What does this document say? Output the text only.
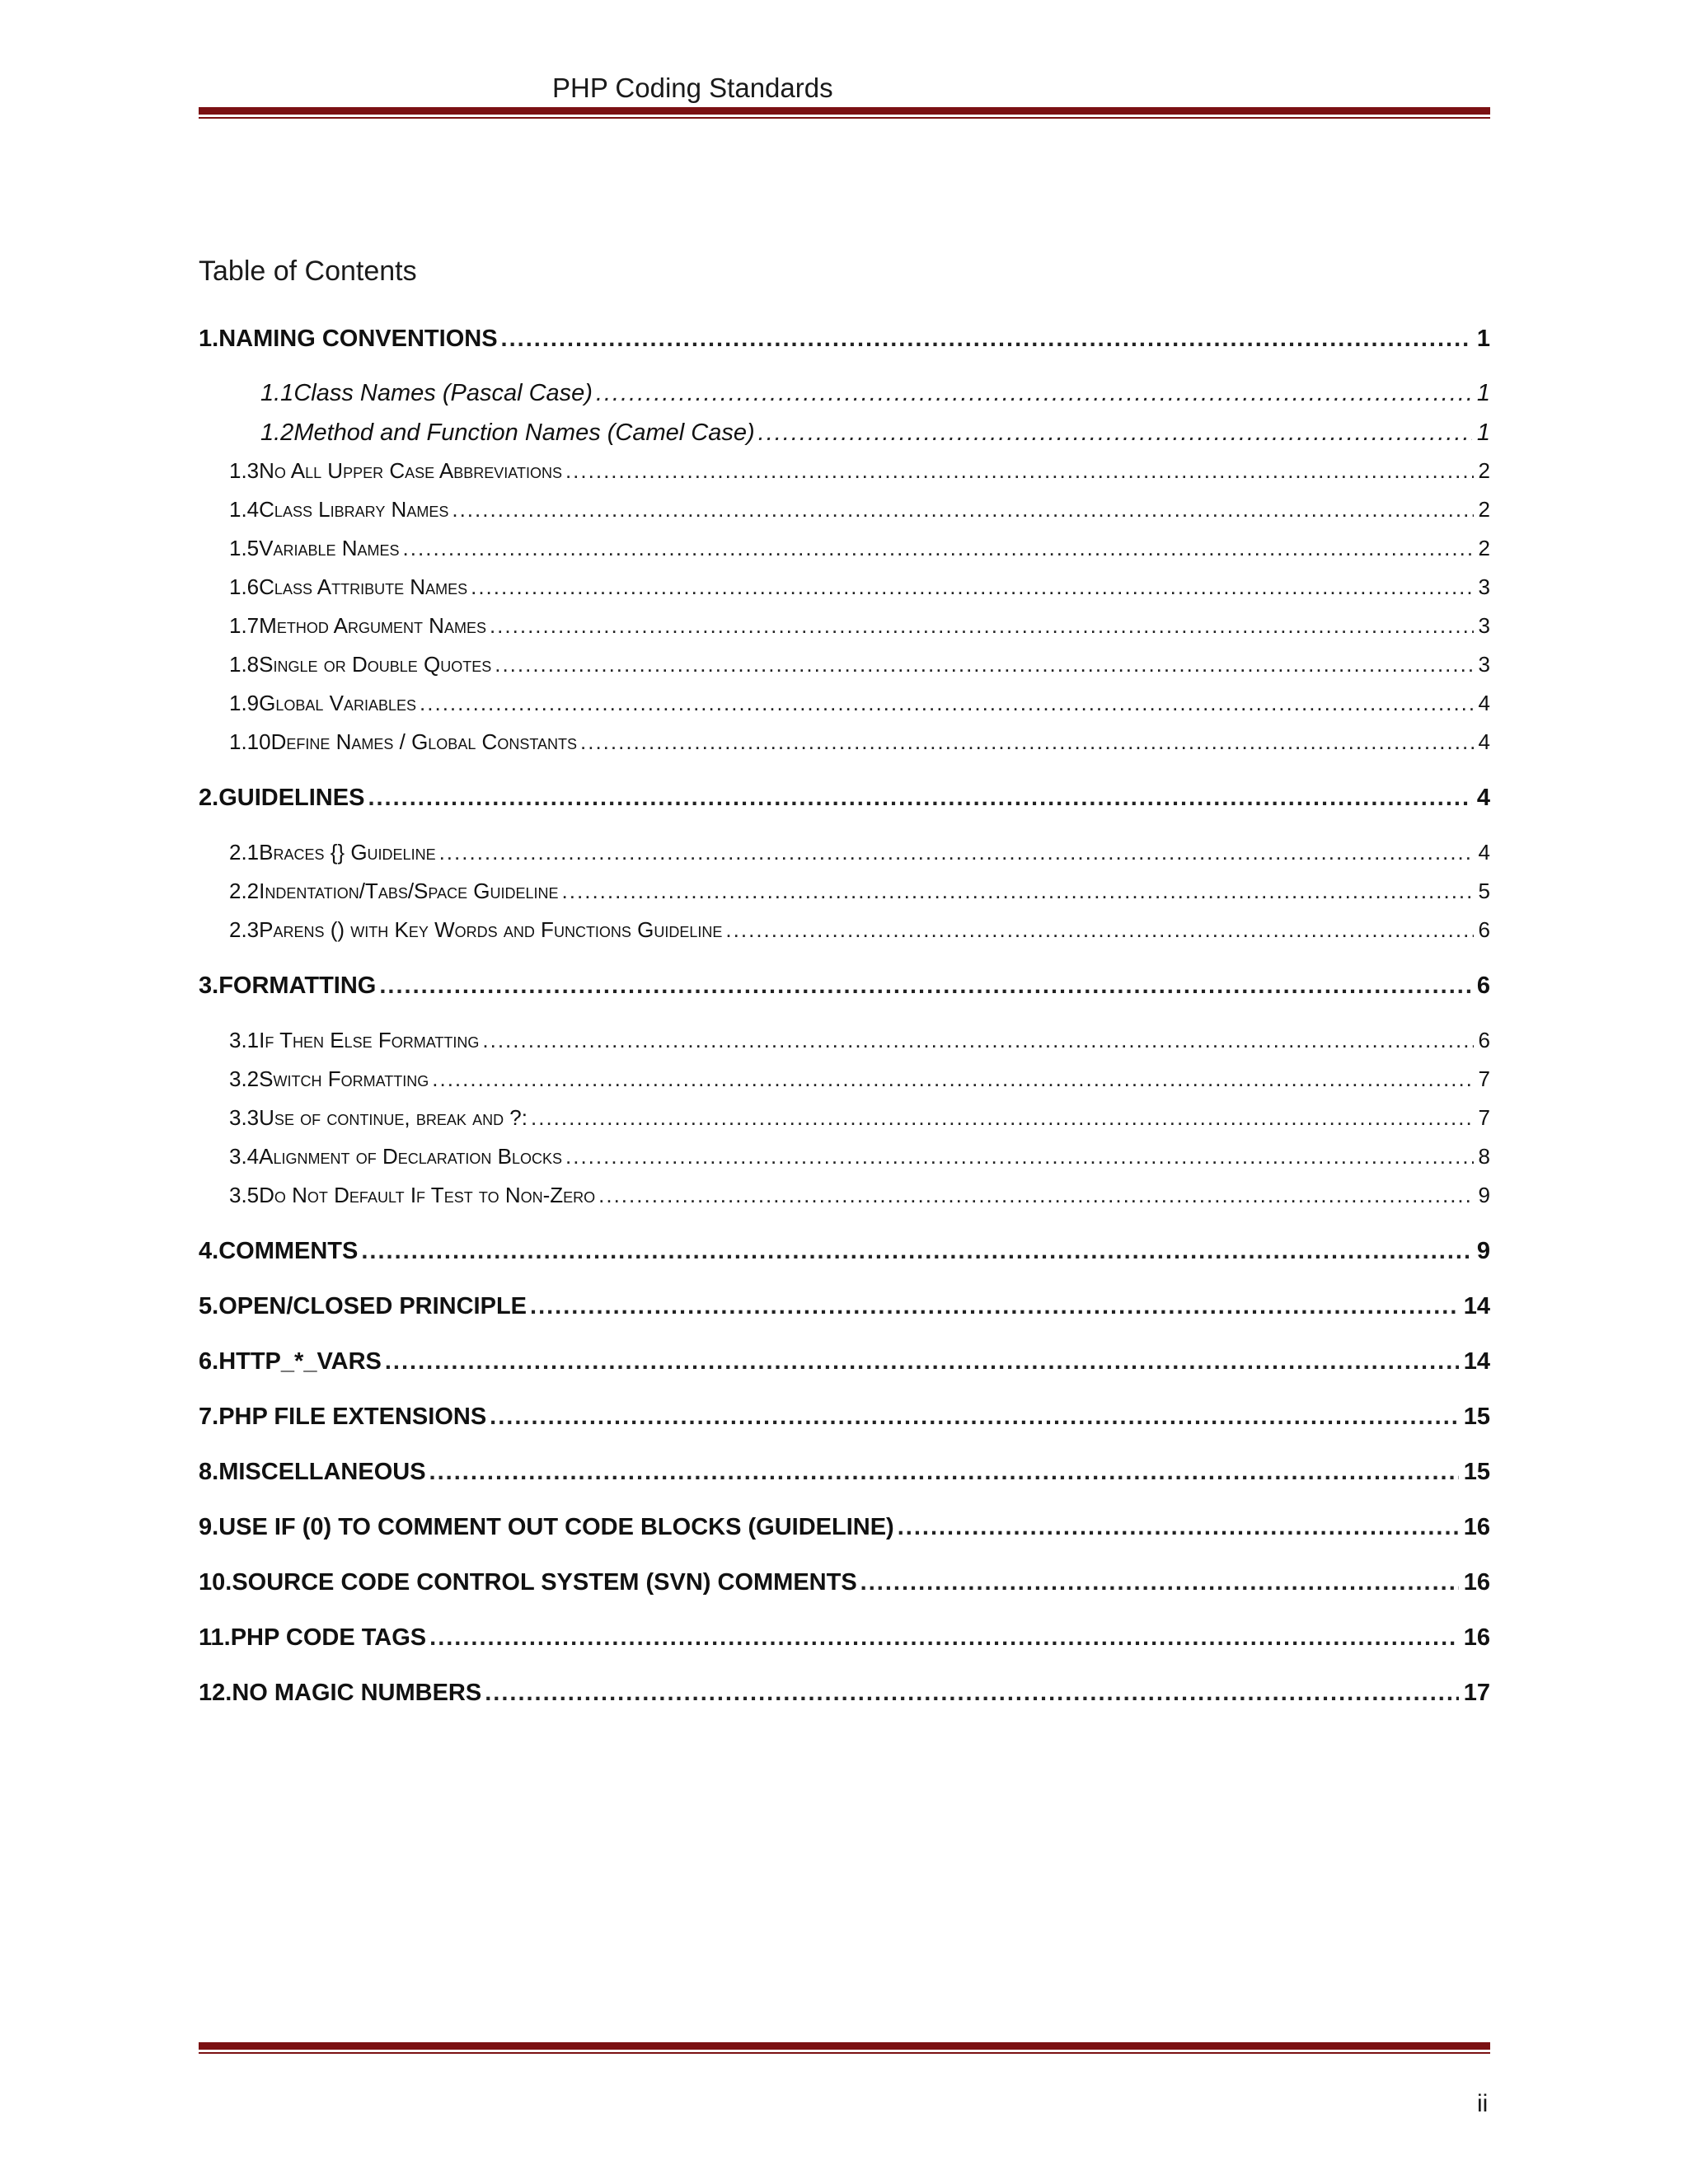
PHP Coding Standards
Table of Contents
1.NAMING CONVENTIONS .....	1
1.1Class Names (Pascal Case) .....	1
1.2Method and Function Names (Camel Case) .....	1
1.3No All Upper Case Abbreviations .....	2
1.4Class Library Names .....	2
1.5Variable Names .....	2
1.6Class Attribute Names .....	3
1.7Method Argument Names .....	3
1.8Single or Double Quotes .....	3
1.9Global Variables .....	4
1.10Define Names / Global Constants .....	4
2.GUIDELINES .....	4
2.1Braces {} Guideline .....	4
2.2Indentation/Tabs/Space Guideline .....	5
2.3Parens () with Key Words and Functions Guideline .....	6
3.FORMATTING .....	6
3.1If Then Else Formatting .....	6
3.2Switch Formatting .....	7
3.3Use of continue, break and ?: .....	7
3.4Alignment of Declaration Blocks .....	8
3.5Do Not Default If Test to Non-Zero .....	9
4.COMMENTS .....	9
5.OPEN/CLOSED PRINCIPLE .....	14
6.HTTP_*_VARS .....	14
7.PHP FILE EXTENSIONS .....	15
8.MISCELLANEOUS .....	15
9.USE IF (0) TO COMMENT OUT CODE BLOCKS (GUIDELINE) .....	16
10.SOURCE CODE CONTROL SYSTEM (SVN) COMMENTS .....	16
11.PHP CODE TAGS .....	16
12.NO MAGIC NUMBERS .....	17
ii
